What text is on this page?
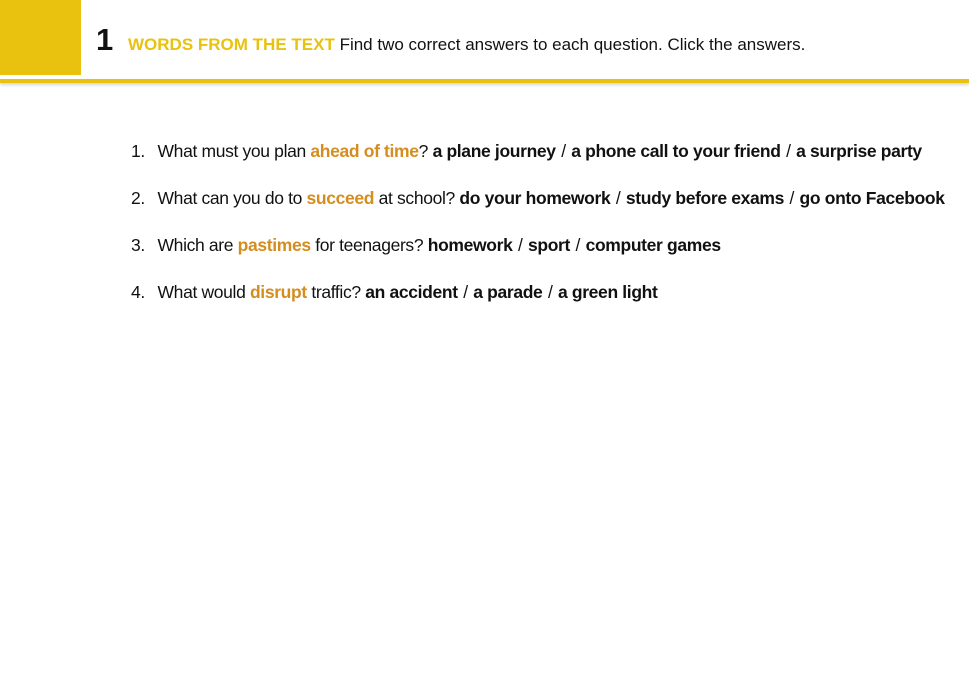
1 WORDS FROM THE TEXT Find two correct answers to each question. Click the answers.
1. What must you plan ahead of time? a plane journey / a phone call to your friend / a surprise party
2. What can you do to succeed at school? do your homework / study before exams / go onto Facebook
3. Which are pastimes for teenagers? homework / sport / computer games
4. What would disrupt traffic? an accident / a parade / a green light
